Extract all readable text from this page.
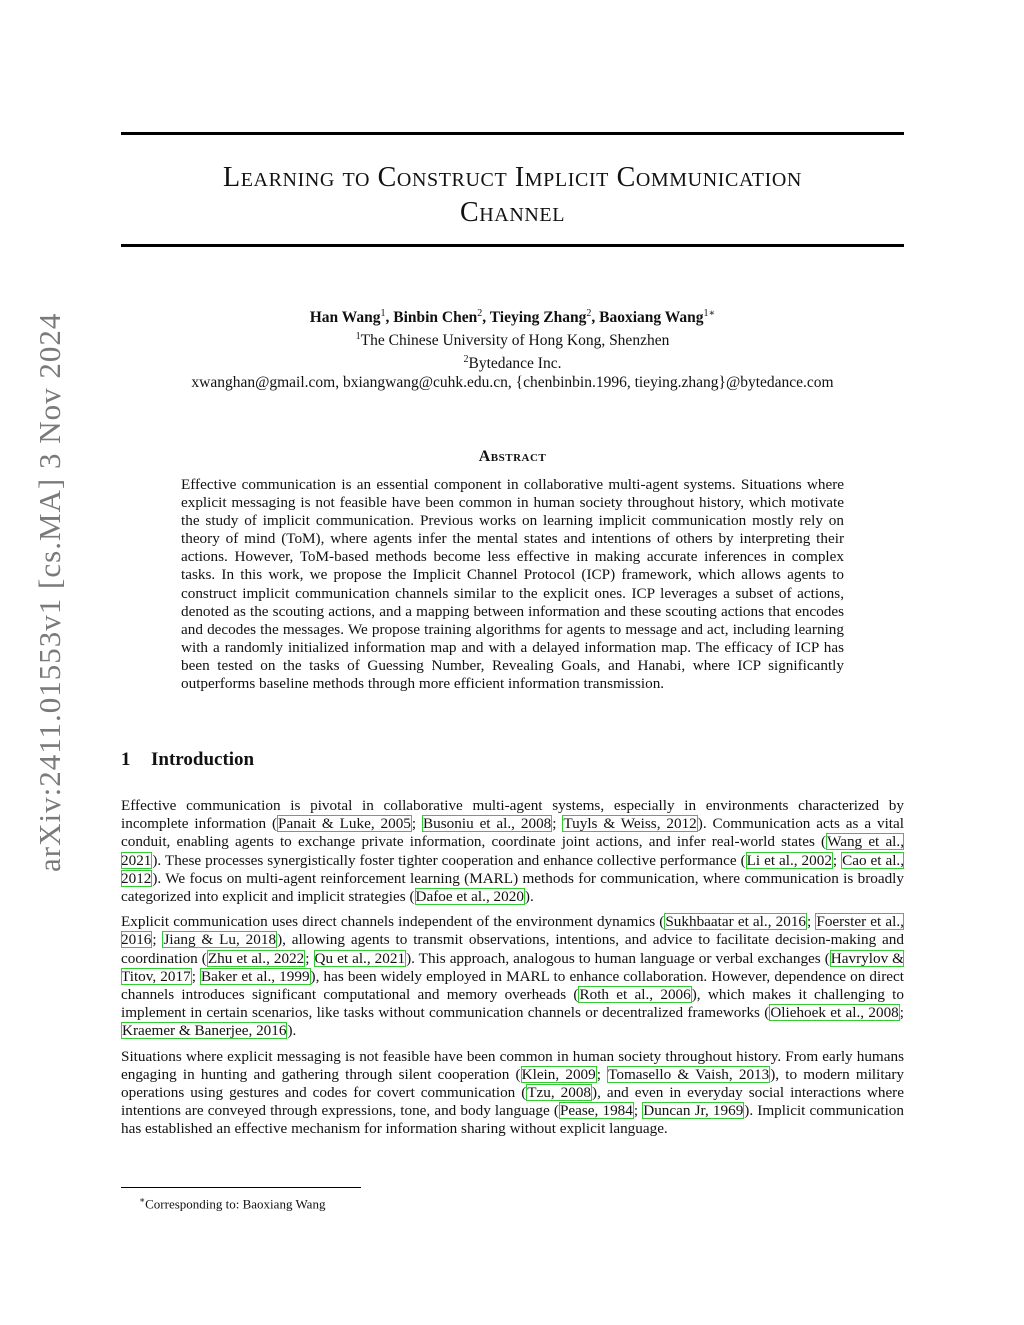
arXiv:2411.01553v1 [cs.MA] 3 Nov 2024
Learning to Construct Implicit Communication
Channel
Han Wang$^1$, Binbin Chen$^2$, Tieying Zhang$^2$, Baoxiang Wang$^{1∗}$
$^1$The Chinese University of Hong Kong, Shenzhen
$^2$Bytedance Inc.
xwanghan@gmail.com, bxiangwang@cuhk.edu.cn, {chenbinbin.1996, tieying.zhang}@bytedance.com
Abstract
Effective communication is an essential component in collaborative multi-agent systems. Situations where explicit messaging is not feasible have been common in human society throughout history, which motivate the study of implicit communication. Previous works on learning implicit communication mostly rely on theory of mind (ToM), where agents infer the mental states and intentions of others by interpreting their actions. However, ToM-based methods become less effective in making accurate inferences in complex tasks. In this work, we propose the Implicit Channel Protocol (ICP) framework, which allows agents to construct implicit communication channels similar to the explicit ones. ICP leverages a subset of actions, denoted as the scouting actions, and a mapping between information and these scouting actions that encodes and decodes the messages. We propose training algorithms for agents to message and act, including learning with a randomly initialized information map and with a delayed information map. The efficacy of ICP has been tested on the tasks of Guessing Number, Revealing Goals, and Hanabi, where ICP significantly outperforms baseline methods through more efficient information transmission.
1 Introduction

Effective communication is pivotal in collaborative multi-agent systems, especially in environments characterized by incomplete information (Panait & Luke, 2005; Busoniu et al., 2008; Tuyls & Weiss, 2012). Communication acts as a vital conduit, enabling agents to exchange private information, coordinate joint actions, and infer real-world states (Wang et al., 2021). These processes synergistically foster tighter cooperation and enhance collective performance (Li et al., 2002; Cao et al., 2012). We focus on multi-agent reinforcement learning (MARL) methods for communication, where communication is broadly categorized into explicit and implicit strategies (Dafoe et al., 2020).

Explicit communication uses direct channels independent of the environment dynamics (Sukhbaatar et al., 2016; Foerster et al., 2016; Jiang & Lu, 2018), allowing agents to transmit observations, intentions, and advice to facilitate decision-making and coordination (Zhu et al., 2022; Qu et al., 2021). This approach, analogous to human language or verbal exchanges (Havrylov & Titov, 2017; Baker et al., 1999), has been widely employed in MARL to enhance collaboration. However, dependence on direct channels introduces significant computational and memory overheads (Roth et al., 2006), which makes it challenging to implement in certain scenarios, like tasks without communication channels or decentralized frameworks (Oliehoek et al., 2008; Kraemer & Banerjee, 2016).

Situations where explicit messaging is not feasible have been common in human society throughout history. From early humans engaging in hunting and gathering through silent cooperation (Klein, 2009; Tomasello & Vaish, 2013), to modern military operations using gestures and codes for covert communication (Tzu, 2008), and even in everyday social interactions where intentions are conveyed through expressions, tone, and body language (Pease, 1984; Duncan Jr, 1969). Implicit communication has established an effective mechanism for information sharing without explicit language.

∗Corresponding to: Baoxiang Wang
